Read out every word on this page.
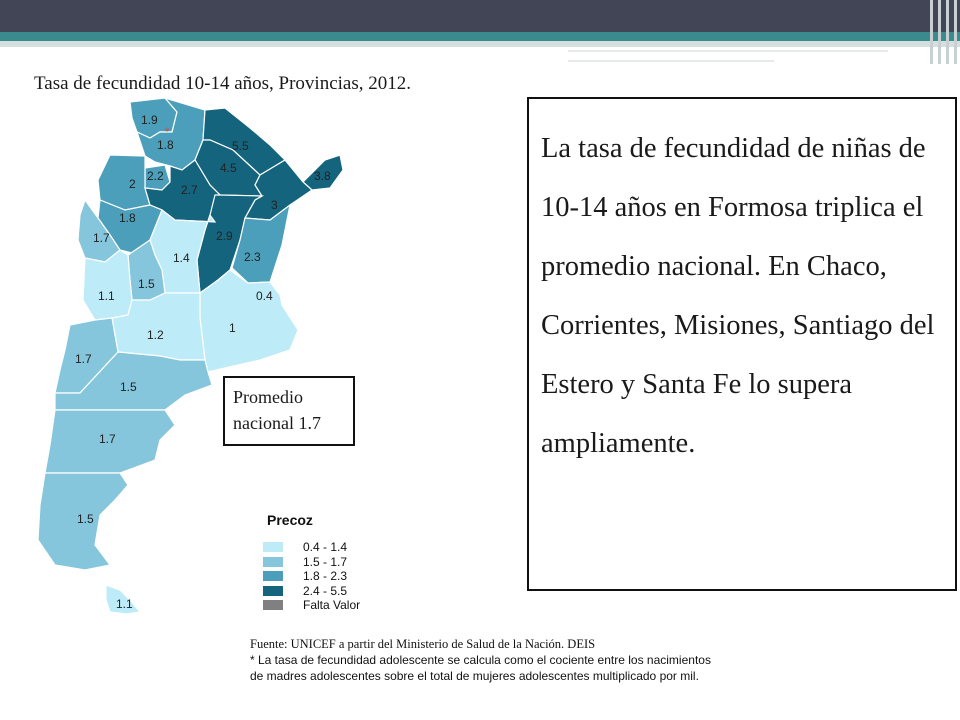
Tasa de fecundidad 10-14 años, Provincias, 2012.
*
1.9
1.8	5.5
4.5
3.8
2.2
2	2.7
3
1.8
1.7	2.9
2.3
1.4
1.5
1.1	0.4
1
1.2
1.7
1.5
1.7
1.5
1.1
Promedio
nacional 1.7
Precoz
0.4 - 1.4
1.5 - 1.7
1.8 - 2.3
2.4 - 5.5
Falta Valor
La tasa de fecundidad de niñas de 10-14 años en Formosa triplica el promedio nacional. En Chaco, Corrientes, Misiones, Santiago del Estero y Santa Fe lo supera ampliamente.
Fuente: UNICEF a partir del Ministerio de Salud de la Nación. DEIS
* La tasa de fecundidad adolescente se calcula como el cociente entre los nacimientos de madres adolescentes sobre el total de mujeres adolescentes multiplicado por mil.
